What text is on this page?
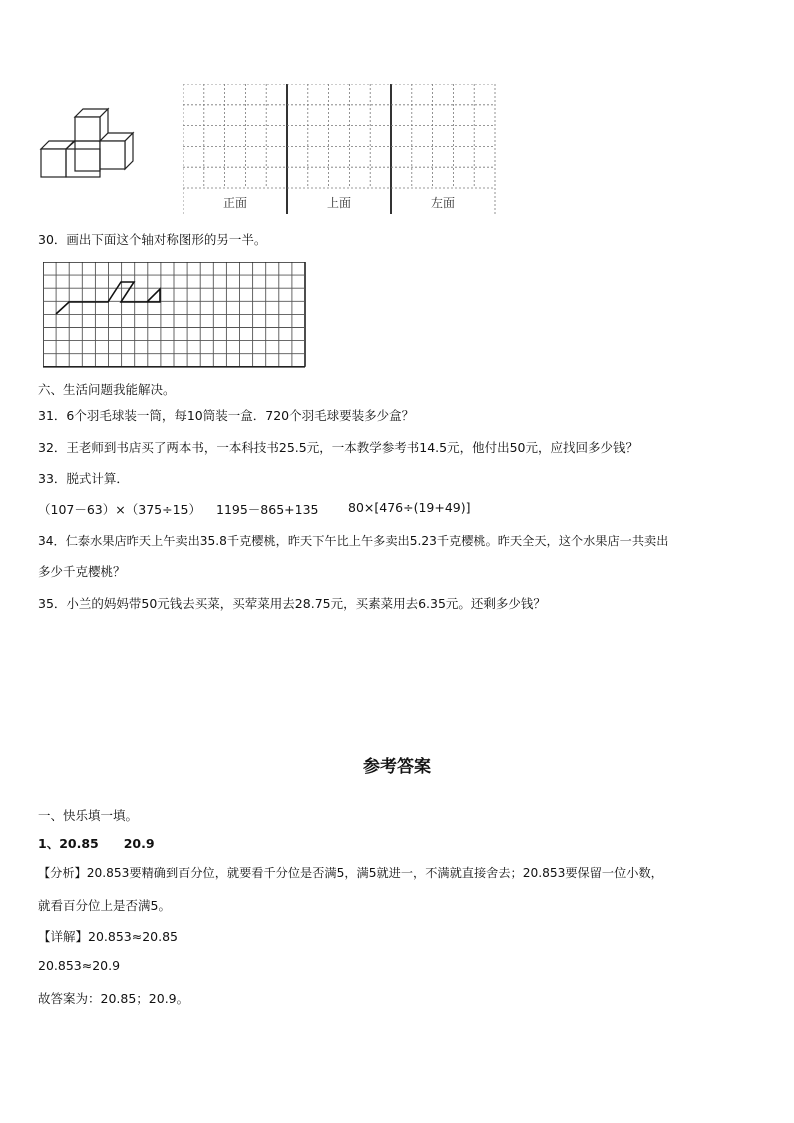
正面	上面	左面
30．画出下面这个轴对称图形的另一半。
六、生活问题我能解决。
31．6个羽毛球装一筒，每10筒装一盒．720个羽毛球要装多少盒？
32．王老师到书店买了两本书，一本科技书25.5元，一本教学参考书14.5元，他付出50元，应找回多少钱？
33．脱式计算．
（107－63）×（375÷15） 1195－865+135 80×[476÷(19+49)]
34．仁泰水果店昨天上午卖出35.8千克樱桃，昨天下午比上午多卖出5.23千克樱桃。昨天全天，这个水果店一共卖出
多少千克樱桃？
35．小兰的妈妈带50元钱去买菜，买荤菜用去28.75元，买素菜用去6.35元。还剩多少钱？
参考答案
一、快乐填一填。
1、20.85　　20.9
【分析】20.853要精确到百分位，就要看千分位是否满5，满5就进一，不满就直接舍去；20.853要保留一位小数，
就看百分位上是否满5。
【详解】20.853≈20.85
20.853≈20.9
故答案为：20.85；20.9。
